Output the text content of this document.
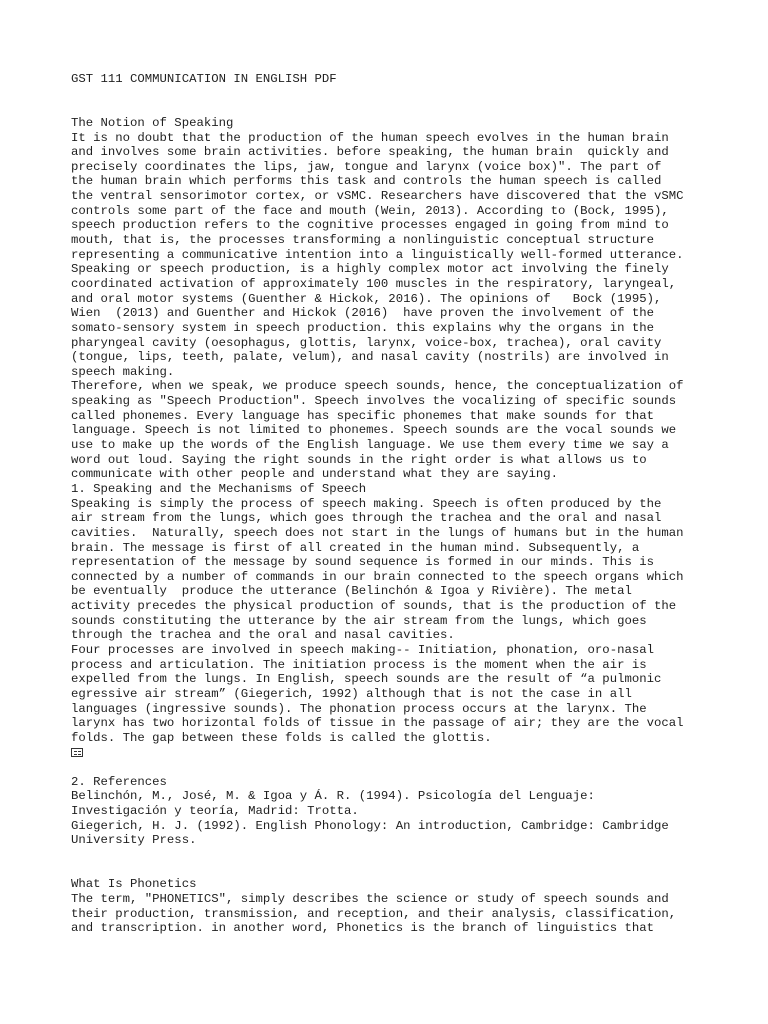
GST 111 COMMUNICATION IN ENGLISH PDF
The Notion of Speaking
It is no doubt that the production of the human speech evolves in the human brain
and involves some brain activities. before speaking, the human brain  quickly and
precisely coordinates the lips, jaw, tongue and larynx (voice box)". The part of
the human brain which performs this task and controls the human speech is called
the ventral sensorimotor cortex, or vSMC. Researchers have discovered that the vSMC
controls some part of the face and mouth (Wein, 2013). According to (Bock, 1995),
speech production refers to the cognitive processes engaged in going from mind to
mouth, that is, the processes transforming a nonlinguistic conceptual structure
representing a communicative intention into a linguistically well-formed utterance.
Speaking or speech production, is a highly complex motor act involving the finely
coordinated activation of approximately 100 muscles in the respiratory, laryngeal,
and oral motor systems (Guenther & Hickok, 2016). The opinions of   Bock (1995),
Wien  (2013) and Guenther and Hickok (2016)  have proven the involvement of the
somato-sensory system in speech production. this explains why the organs in the
pharyngeal cavity (oesophagus, glottis, larynx, voice-box, trachea), oral cavity
(tongue, lips, teeth, palate, velum), and nasal cavity (nostrils) are involved in
speech making.
Therefore, when we speak, we produce speech sounds, hence, the conceptualization of
speaking as "Speech Production". Speech involves the vocalizing of specific sounds
called phonemes. Every language has specific phonemes that make sounds for that
language. Speech is not limited to phonemes. Speech sounds are the vocal sounds we
use to make up the words of the English language. We use them every time we say a
word out loud. Saying the right sounds in the right order is what allows us to
communicate with other people and understand what they are saying.
1. Speaking and the Mechanisms of Speech
Speaking is simply the process of speech making. Speech is often produced by the
air stream from the lungs, which goes through the trachea and the oral and nasal
cavities.  Naturally, speech does not start in the lungs of humans but in the human
brain. The message is first of all created in the human mind. Subsequently, a
representation of the message by sound sequence is formed in our minds. This is
connected by a number of commands in our brain connected to the speech organs which
be eventually  produce the utterance (Belinchón & Igoa y Rivière). The metal
activity precedes the physical production of sounds, that is the production of the
sounds constituting the utterance by the air stream from the lungs, which goes
through the trachea and the oral and nasal cavities.
Four processes are involved in speech making-- Initiation, phonation, oro-nasal
process and articulation. The initiation process is the moment when the air is
expelled from the lungs. In English, speech sounds are the result of “a pulmonic
egressive air stream” (Giegerich, 1992) although that is not the case in all
languages (ingressive sounds). The phonation process occurs at the larynx. The
larynx has two horizontal folds of tissue in the passage of air; they are the vocal
folds. The gap between these folds is called the glottis.
2. References
Belinchón, M., José, M. & Igoa y Á. R. (1994). Psicología del Lenguaje:
Investigación y teoría, Madrid: Trotta.
Giegerich, H. J. (1992). English Phonology: An introduction, Cambridge: Cambridge
University Press.
What Is Phonetics
The term, "PHONETICS", simply describes the science or study of speech sounds and
their production, transmission, and reception, and their analysis, classification,
and transcription. in another word, Phonetics is the branch of linguistics that
